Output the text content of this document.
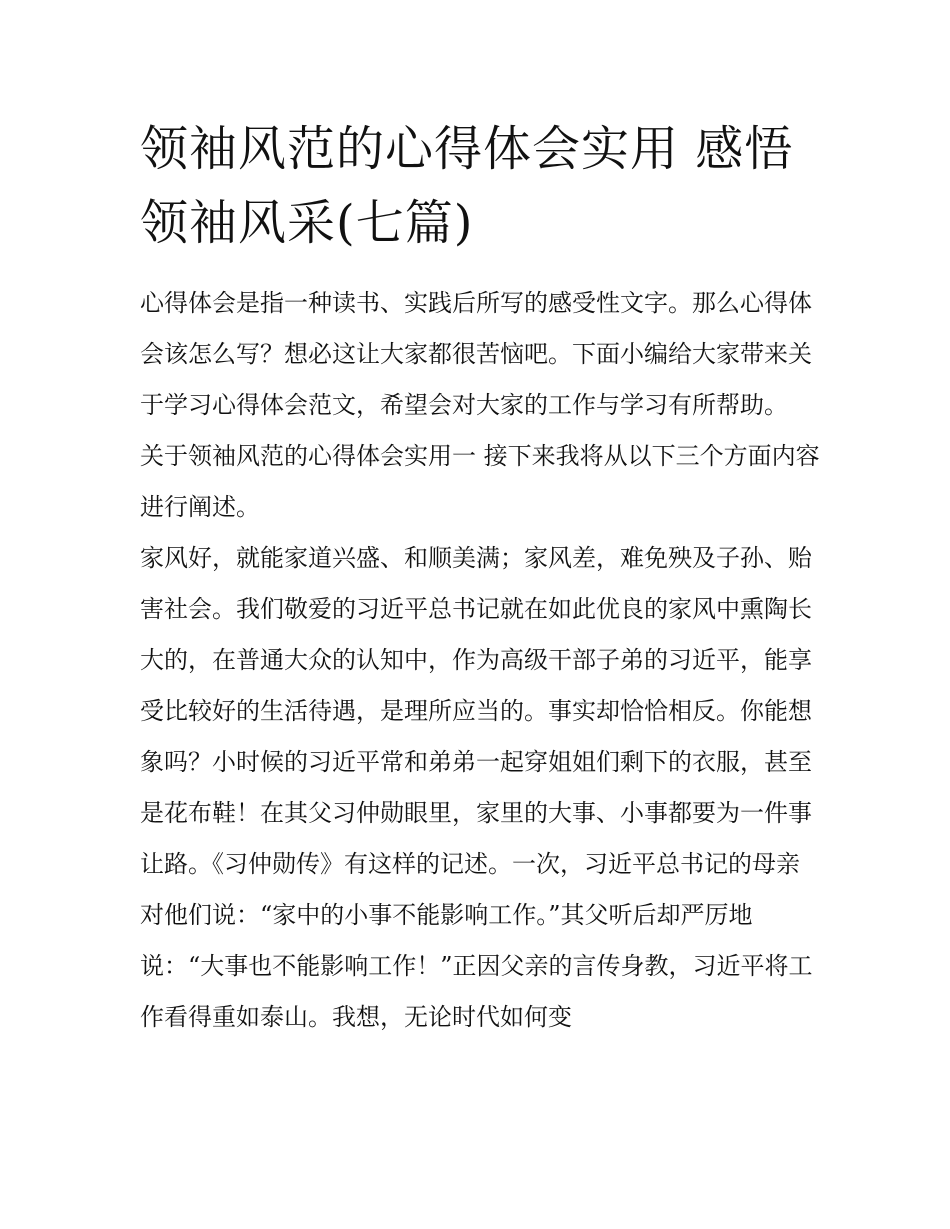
领袖风范的心得体会实用 感悟领袖风采(七篇)

心得体会是指一种读书、实践后所写的感受性文字。那么心得体会该怎么写？想必这让大家都很苦恼吧。下面小编给大家带来关于学习心得体会范文，希望会对大家的工作与学习有所帮助。

关于领袖风范的心得体会实用一 接下来我将从以下三个方面内容进行阐述。

家风好，就能家道兴盛、和顺美满；家风差，难免殃及子孙、贻害社会。我们敬爱的习近平总书记就在如此优良的家风中熏陶长大的，在普通大众的认知中，作为高级干部子弟的习近平，能享受比较好的生活待遇，是理所应当的。事实却恰恰相反。你能想象吗？小时候的习近平常和弟弟一起穿姐姐们剩下的衣服，甚至是花布鞋！在其父习仲勋眼里，家里的大事、小事都要为一件事让路。《习仲勋传》有这样的记述。一次，习近平总书记的母亲对他们说：“家中的小事不能影响工作。”其父听后却严厉地说：“大事也不能影响工作！”正因父亲的言传身教，习近平将工作看得重如泰山。我想，无论时代如何变
